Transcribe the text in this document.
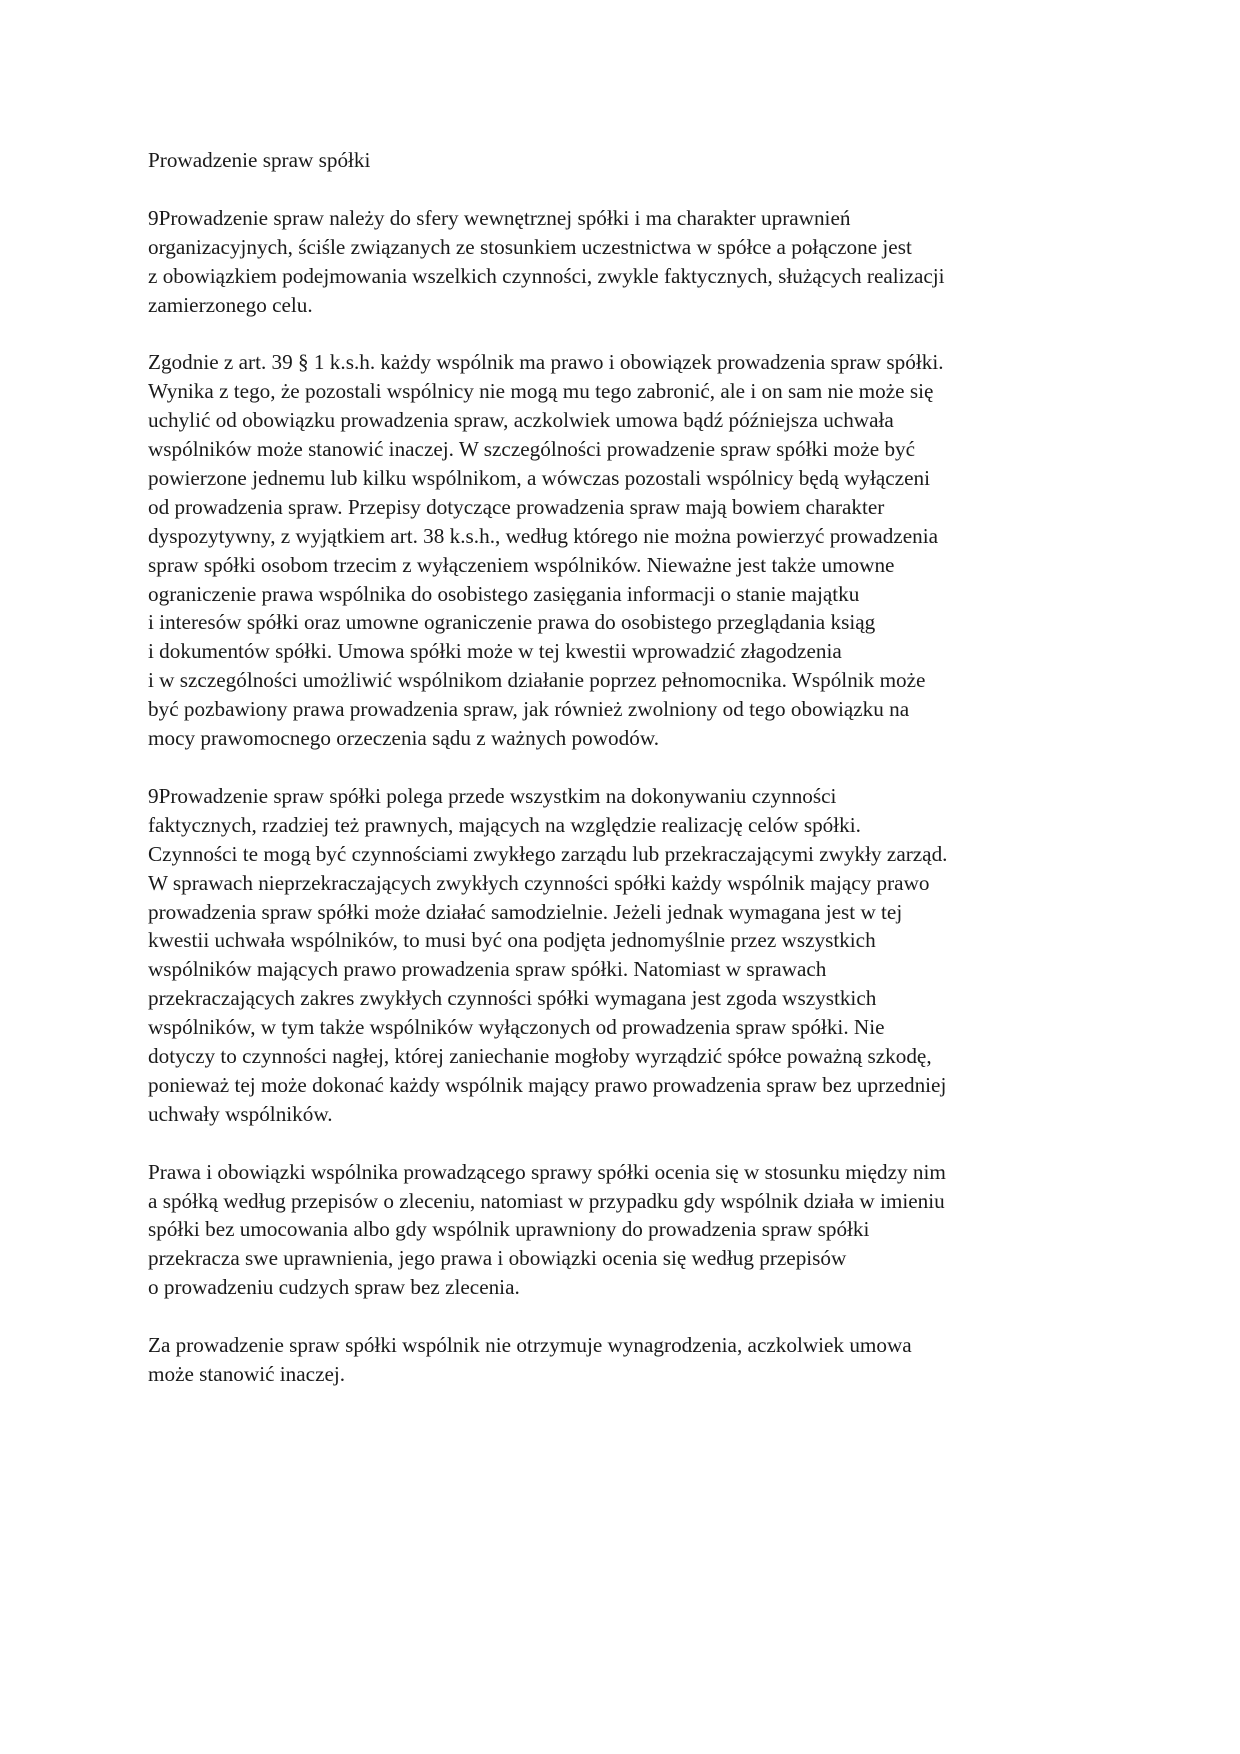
Prowadzenie spraw spółki
9Prowadzenie spraw należy do sfery wewnętrznej spółki i ma charakter uprawnień
organizacyjnych, ściśle związanych ze stosunkiem uczestnictwa w spółce a połączone jest
z obowiązkiem podejmowania wszelkich czynności, zwykle faktycznych, służących realizacji
zamierzonego celu.
Zgodnie z art. 39 § 1 k.s.h. każdy wspólnik ma prawo i obowiązek prowadzenia spraw spółki.
Wynika z tego, że pozostali wspólnicy nie mogą mu tego zabronić, ale i on sam nie może się
uchylić od obowiązku prowadzenia spraw, aczkolwiek umowa bądź późniejsza uchwała
wspólników może stanowić inaczej. W szczególności prowadzenie spraw spółki może być
powierzone jednemu lub kilku wspólnikom, a wówczas pozostali wspólnicy będą wyłączeni
od prowadzenia spraw. Przepisy dotyczące prowadzenia spraw mają bowiem charakter
dyspozytywny, z wyjątkiem art. 38 k.s.h., według którego nie można powierzyć prowadzenia
spraw spółki osobom trzecim z wyłączeniem wspólników. Nieważne jest także umowne
ograniczenie prawa wspólnika do osobistego zasięgania informacji o stanie majątku
i interesów spółki oraz umowne ograniczenie prawa do osobistego przeglądania ksiąg
i dokumentów spółki. Umowa spółki może w tej kwestii wprowadzić złagodzenia
i w szczególności umożliwić wspólnikom działanie poprzez pełnomocnika. Wspólnik może
być pozbawiony prawa prowadzenia spraw, jak również zwolniony od tego obowiązku na
mocy prawomocnego orzeczenia sądu z ważnych powodów.
9Prowadzenie spraw spółki polega przede wszystkim na dokonywaniu czynności
faktycznych, rzadziej też prawnych, mających na względzie realizację celów spółki.
Czynności te mogą być czynnościami zwykłego zarządu lub przekraczającymi zwykły zarząd.
W sprawach nieprzekraczających zwykłych czynności spółki każdy wspólnik mający prawo
prowadzenia spraw spółki może działać samodzielnie. Jeżeli jednak wymagana jest w tej
kwestii uchwała wspólników, to musi być ona podjęta jednomyślnie przez wszystkich
wspólników mających prawo prowadzenia spraw spółki. Natomiast w sprawach
przekraczających zakres zwykłych czynności spółki wymagana jest zgoda wszystkich
wspólników, w tym także wspólników wyłączonych od prowadzenia spraw spółki. Nie
dotyczy to czynności nagłej, której zaniechanie mogłoby wyrządzić spółce poważną szkodę,
ponieważ tej może dokonać każdy wspólnik mający prawo prowadzenia spraw bez uprzedniej
uchwały wspólników.
Prawa i obowiązki wspólnika prowadzącego sprawy spółki ocenia się w stosunku między nim
a spółką według przepisów o zleceniu, natomiast w przypadku gdy wspólnik działa w imieniu
spółki bez umocowania albo gdy wspólnik uprawniony do prowadzenia spraw spółki
przekracza swe uprawnienia, jego prawa i obowiązki ocenia się według przepisów
o prowadzeniu cudzych spraw bez zlecenia.
Za prowadzenie spraw spółki wspólnik nie otrzymuje wynagrodzenia, aczkolwiek umowa
może stanowić inaczej.
